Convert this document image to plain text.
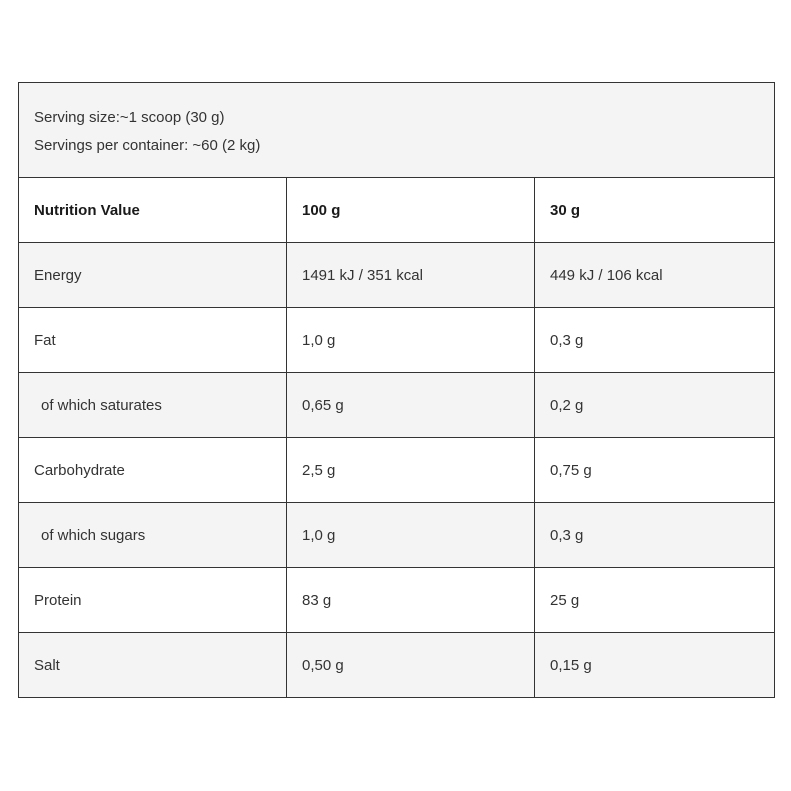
Serving size:~1 scoop (30 g)
Servings per container: ~60 (2 kg)		

Nutrition Value	100 g	30 g
Energy	1491 kJ / 351 kcal	449 kJ / 106 kcal
Fat	1,0 g	0,3 g
of which saturates	0,65 g	0,2 g
Carbohydrate	2,5 g	0,75 g
of which sugars	1,0 g	0,3 g
Protein	83 g	25 g
Salt	0,50 g	0,15 g
